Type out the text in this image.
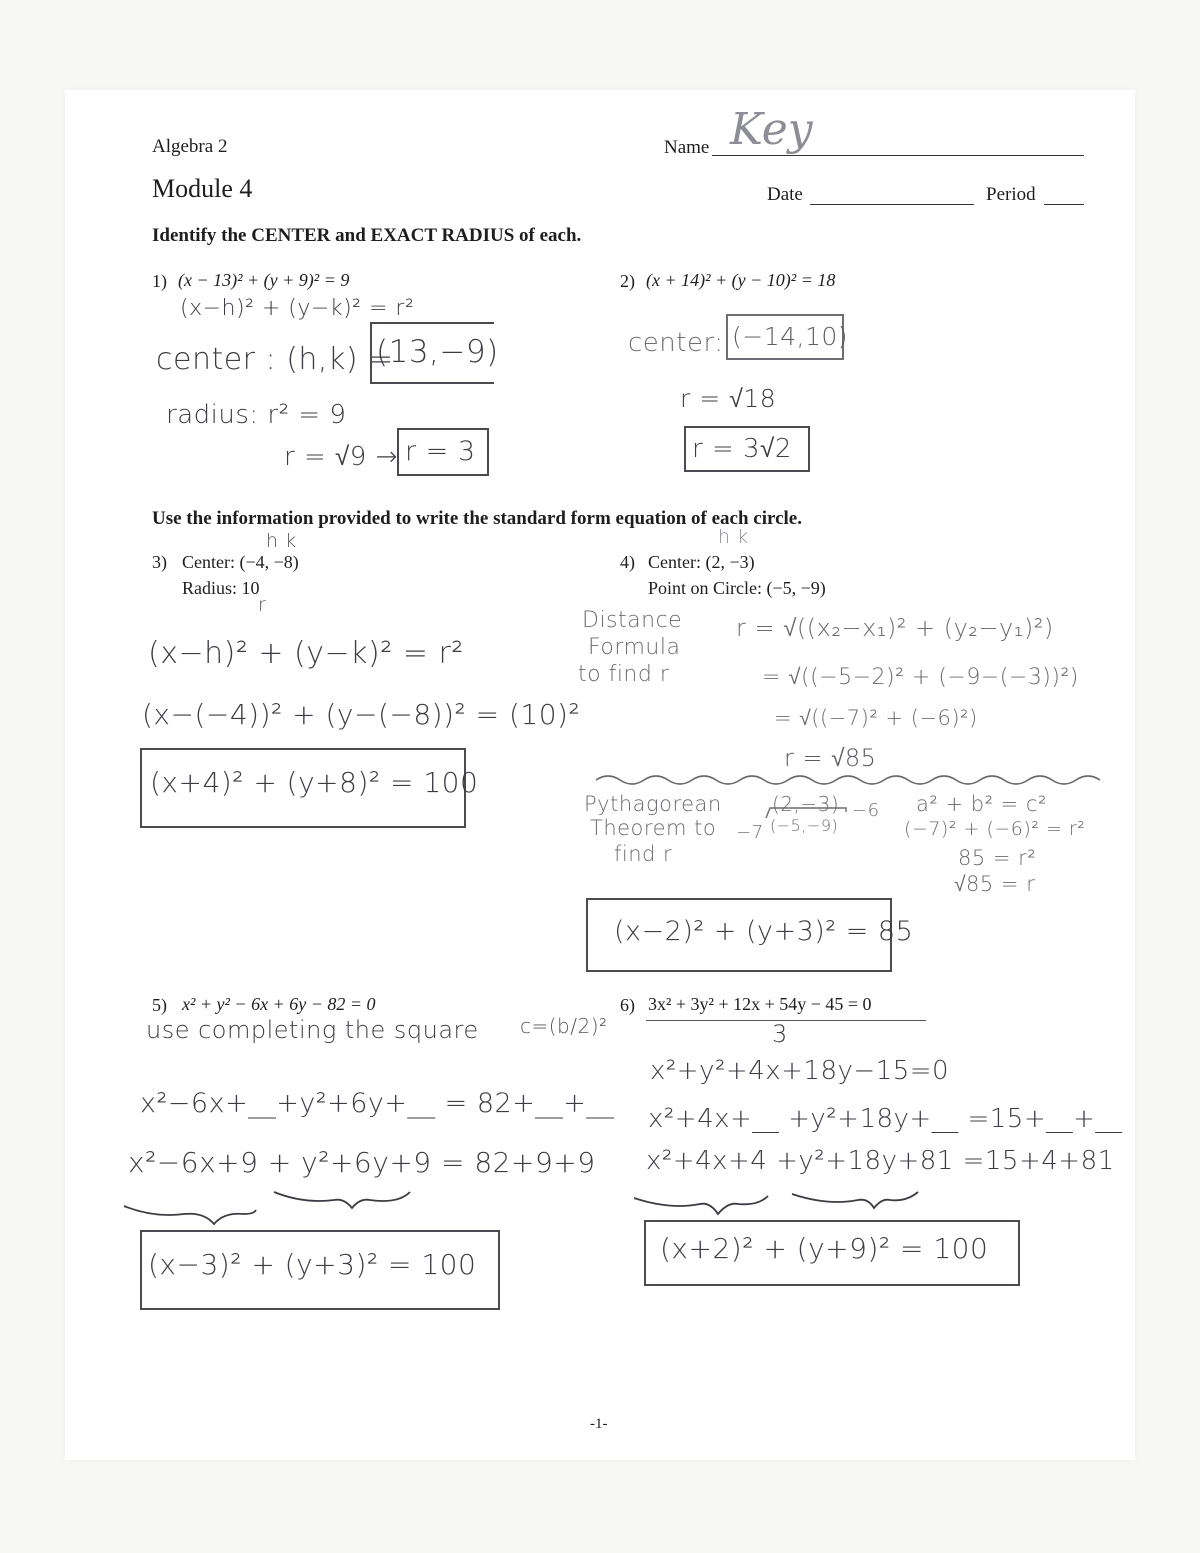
Algebra 2
Module 4
Name Key
Date	Period
Identify the CENTER and EXACT RADIUS of each.
1) (x − 13)² + (y + 9)² = 9
(x−h)² + (y−k)² = r²
center : (h,k) =
(13,−9)
radius: r² = 9
r = √9 → r = 3
2) (x + 14)² + (y − 10)² = 18
center: (−14,10)
r = √18
r = 3√2
Use the information provided to write the standard form equation of each circle.
h k
3) Center: (−4, −8)
Radius: 10
r
(x−h)² + (y−k)² = r²
(x−(−4))² + (y−(−8))² = (10)²
(x+4)² + (y+8)² = 100
h k
4) Center: (2, −3)
Point on Circle: (−5, −9)
Distance
Formula
to find r
r = √((x₂−x₁)² + (y₂−y₁)²)
= √((−5−2)² + (−9−(−3))²)
= √((−7)² + (−6)²)
r = √85
Pythagorean
Theorem to
find r
(2,−3)
(−5,−9)
−6
−7
a² + b² = c²
(−7)² + (−6)² = r²
85 = r²
√85 = r
(x−2)² + (y+3)² = 85
5) x² + y² − 6x + 6y − 82 = 0
use completing the square c=(b/2)²
x²−6x+__+y²+6y+__ = 82+__+__
x²−6x+9 + y²+6y+9 = 82+9+9
(x−3)² + (y+3)² = 100
6) 3x² + 3y² + 12x + 54y − 45 = 0
3
x²+y²+4x+18y−15=0
x²+4x+__ +y²+18y+__ =15+__+__
x²+4x+4 +y²+18y+81 =15+4+81
(x+2)² + (y+9)² = 100
-1-
